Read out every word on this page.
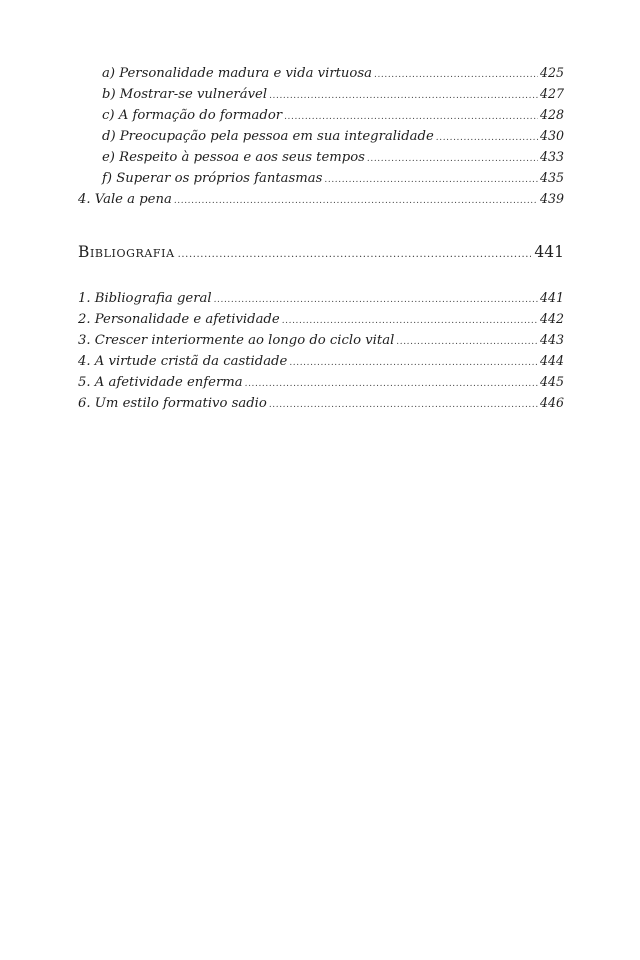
a) Personalidade madura e vida virtuosa .....	425
b) Mostrar-se vulnerável .....	427
c) A formação do formador .....	428
d) Preocupação pela pessoa em sua integralidade .....	430
e) Respeito à pessoa e aos seus tempos .....	433
f) Superar os próprios fantasmas .....	435
4. Vale a pena .....	439
Bibliografia .....	441
1. Bibliografia geral .....	441
2. Personalidade e afetividade .....	442
3. Crescer interiormente ao longo do ciclo vital .....	443
4. A virtude cristã da castidade .....	444
5. A afetividade enferma .....	445
6. Um estilo formativo sadio .....	446
